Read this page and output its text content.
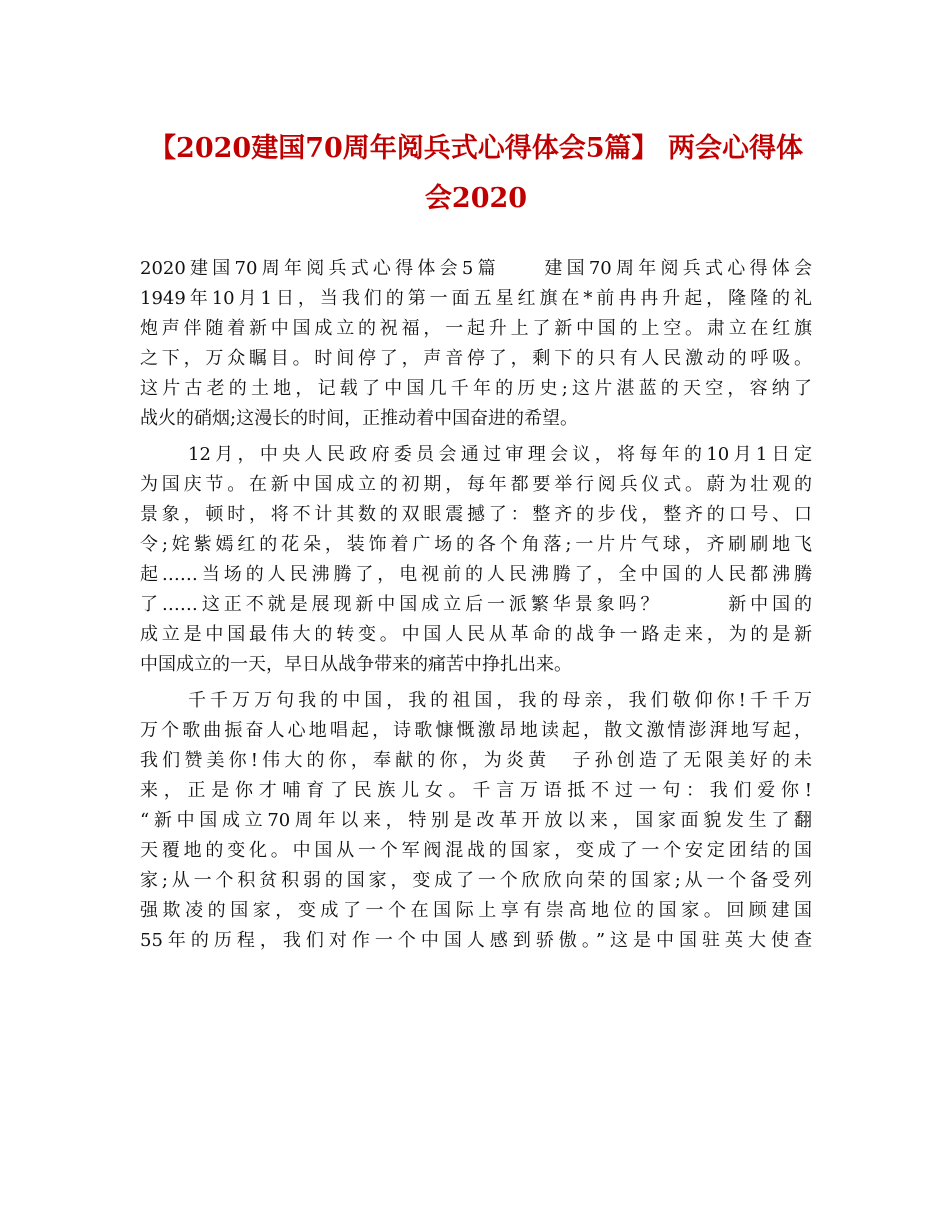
【2020建国70周年阅兵式心得体会5篇】 两会心得体
会2020
2020建国70周年阅兵式心得体会5篇　　建国70周年阅兵式心得体会
1949年10月1日，当我们的第一面五星红旗在*前冉冉升起，隆隆的礼
炮声伴随着新中国成立的祝福，一起升上了新中国的上空。肃立在红旗
之下，万众瞩目。时间停了，声音停了，剩下的只有人民激动的呼吸。
这片古老的土地，记载了中国几千年的历史;这片湛蓝的天空，容纳了
战火的硝烟;这漫长的时间，正推动着中国奋进的希望。
12月，中央人民政府委员会通过审理会议，将每年的10月1日定
为国庆节。在新中国成立的初期，每年都要举行阅兵仪式。蔚为壮观的
景象，顿时，将不计其数的双眼震撼了：整齐的步伐，整齐的口号、口
令;姹紫嫣红的花朵，装饰着广场的各个角落;一片片气球，齐刷刷地飞
起……当场的人民沸腾了，电视前的人民沸腾了，全中国的人民都沸腾
了……这正不就是展现新中国成立后一派繁华景象吗？　　　新中国的
成立是中国最伟大的转变。中国人民从革命的战争一路走来，为的是新
中国成立的一天，早日从战争带来的痛苦中挣扎出来。
千千万万句我的中国，我的祖国，我的母亲，我们敬仰你!千千万
万个歌曲振奋人心地唱起，诗歌慷慨激昂地读起，散文激情澎湃地写起，
我们赞美你!伟大的你，奉献的你，为炎黄　子孙创造了无限美好的未
来，正是你才哺育了民族儿女。千言万语抵不过一句：我们爱你!
“新中国成立70周年以来，特别是改革开放以来，国家面貌发生了翻
天覆地的变化。中国从一个军阀混战的国家，变成了一个安定团结的国
家;从一个积贫积弱的国家，变成了一个欣欣向荣的国家;从一个备受列
强欺凌的国家，变成了一个在国际上享有崇高地位的国家。回顾建国
55年的历程，我们对作一个中国人感到骄傲。”这是中国驻英大使查
